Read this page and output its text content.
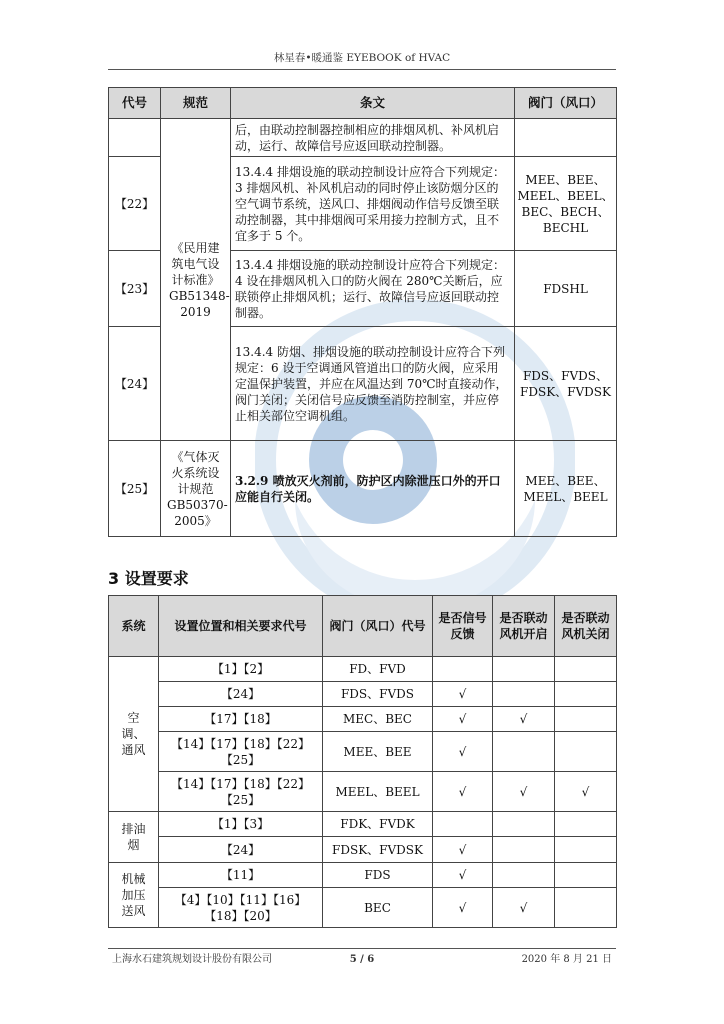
林星春•暖通鉴 EYEBOOK of HVAC
代号	规范	条文	阀门（风口）
	《民用建筑电气设计标准》GB51348-2019	后，由联动控制器控制相应的排烟风机、补风机启动，运行、故障信号应返回联动控制器。	
【22】		13.4.4 排烟设施的联动控制设计应符合下列规定：3 排烟风机、补风机启动的同时停止该防烟分区的空气调节系统，送风口、排烟阀动作信号反馈至联动控制器，其中排烟阀可采用接力控制方式，且不宜多于 5 个。	MEE、BEE、MEEL、BEEL、BEC、BECH、BECHL
【23】		13.4.4 排烟设施的联动控制设计应符合下列规定：4 设在排烟风机入口的防火阀在 280℃关断后，应联锁停止排烟风机；运行、故障信号应返回联动控制器。	FDSHL
【24】		13.4.4 防烟、排烟设施的联动控制设计应符合下列规定：6 设于空调通风管道出口的防火阀，应采用定温保护装置，并应在风温达到 70℃时直接动作，阀门关闭；关闭信号应反馈至消防控制室，并应停止相关部位空调机组。	FDS、FVDS、FDSK、FVDSK
【25】	《气体灭火系统设计规范 GB50370-2005》	3.2.9 喷放灭火剂前，防护区内除泄压口外的开口应能自行关闭。	MEE、BEE、MEEL、BEEL
3 设置要求
系统	设置位置和相关要求代号	阀门（风口）代号	是否信号反馈	是否联动风机开启	是否联动风机关闭
空调、通风	【1】【2】	FD、FVD			
	【24】	FDS、FVDS	√		
	【17】【18】	MEC、BEC	√	√	
	【14】【17】【18】【22】【25】	MEE、BEE	√		
	【14】【17】【18】【22】【25】	MEEL、BEEL	√	√	√
排油烟	【1】【3】	FDK、FVDK			
	【24】	FDSK、FVDSK	√		
机械加压送风	【11】	FDS	√		
	【4】【10】【11】【16】【18】【20】	BEC	√	√	
上海水石建筑规划设计股份有限公司	5 / 6	2020 年 8 月 21 日
